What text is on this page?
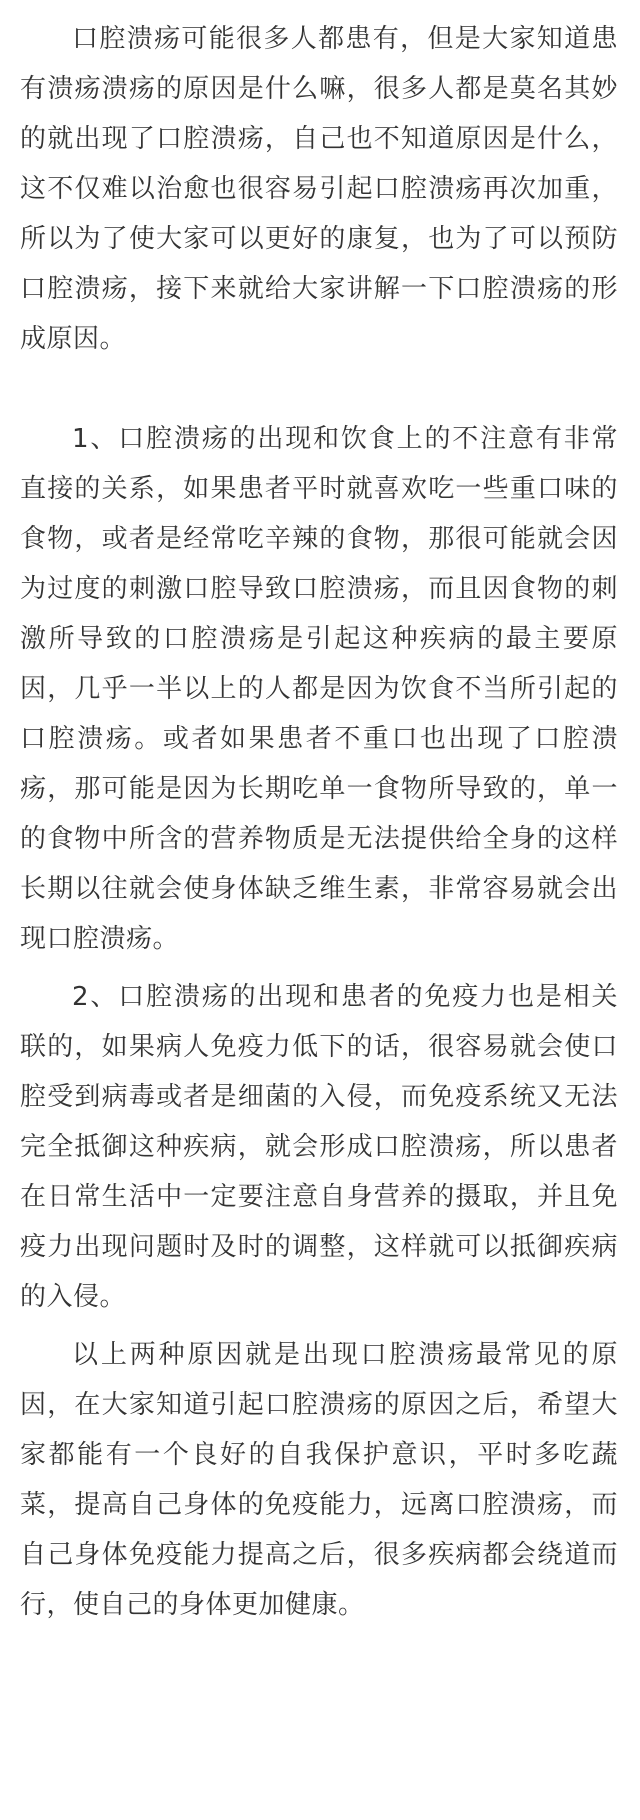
口腔溃疡可能很多人都患有，但是大家知道患有溃疡溃疡的原因是什么嘛，很多人都是莫名其妙的就出现了口腔溃疡，自己也不知道原因是什么，这不仅难以治愈也很容易引起口腔溃疡再次加重，所以为了使大家可以更好的康复，也为了可以预防口腔溃疡，接下来就给大家讲解一下口腔溃疡的形成原因。

1、口腔溃疡的出现和饮食上的不注意有非常直接的关系，如果患者平时就喜欢吃一些重口味的食物，或者是经常吃辛辣的食物，那很可能就会因为过度的刺激口腔导致口腔溃疡，而且因食物的刺激所导致的口腔溃疡是引起这种疾病的最主要原因，几乎一半以上的人都是因为饮食不当所引起的口腔溃疡。或者如果患者不重口也出现了口腔溃疡，那可能是因为长期吃单一食物所导致的，单一的食物中所含的营养物质是无法提供给全身的这样长期以往就会使身体缺乏维生素，非常容易就会出现口腔溃疡。

2、口腔溃疡的出现和患者的免疫力也是相关联的，如果病人免疫力低下的话，很容易就会使口腔受到病毒或者是细菌的入侵，而免疫系统又无法完全抵御这种疾病，就会形成口腔溃疡，所以患者在日常生活中一定要注意自身营养的摄取，并且免疫力出现问题时及时的调整，这样就可以抵御疾病的入侵。

以上两种原因就是出现口腔溃疡最常见的原因，在大家知道引起口腔溃疡的原因之后，希望大家都能有一个良好的自我保护意识，平时多吃蔬菜，提高自己身体的免疫能力，远离口腔溃疡，而自己身体免疫能力提高之后，很多疾病都会绕道而行，使自己的身体更加健康。
